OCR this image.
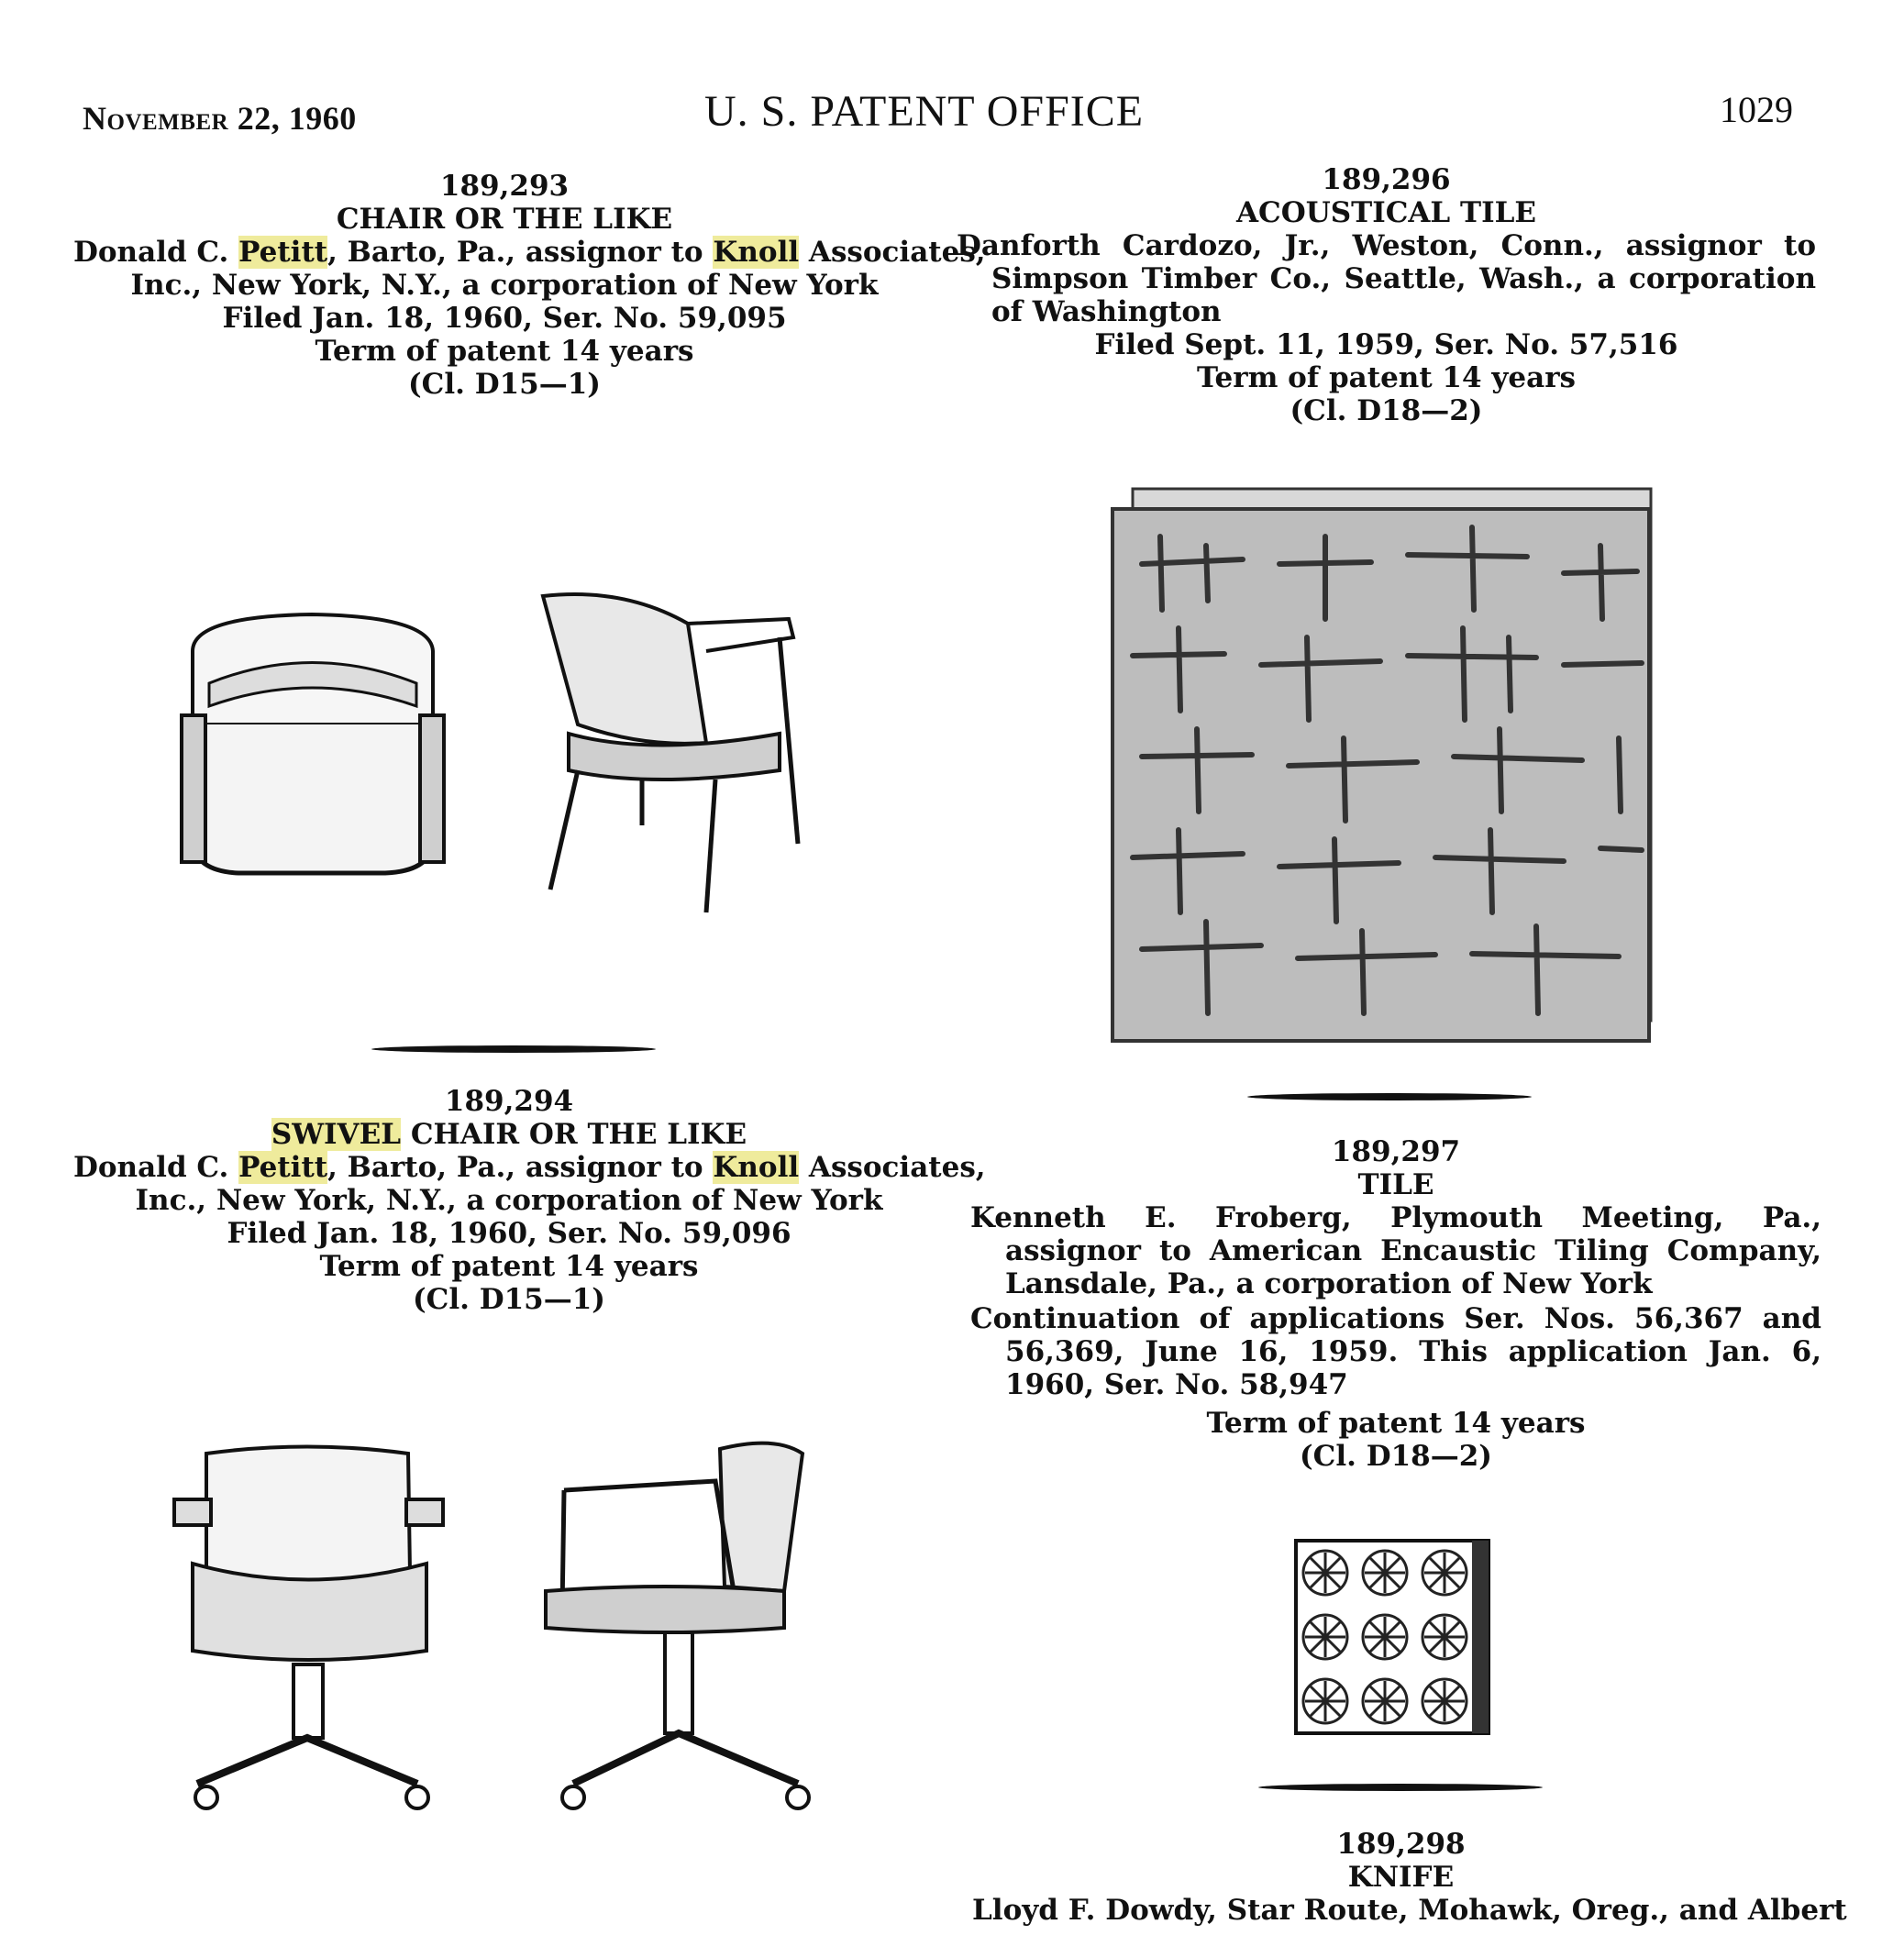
November 22, 1960	U. S. PATENT OFFICE	1029
189,293
CHAIR OR THE LIKE
Donald C. Petitt, Barto, Pa., assignor to Knoll Associates,
Inc., New York, N.Y., a corporation of New York
Filed Jan. 18, 1960, Ser. No. 59,095
Term of patent 14 years
(Cl. D15—1)
189,294
SWIVEL CHAIR OR THE LIKE
Donald C. Petitt, Barto, Pa., assignor to Knoll Associates,
Inc., New York, N.Y., a corporation of New York
Filed Jan. 18, 1960, Ser. No. 59,096
Term of patent 14 years
(Cl. D15—1)
189,296
ACOUSTICAL TILE
Danforth Cardozo, Jr., Weston, Conn., assignor to Simpson Timber Co., Seattle, Wash., a corporation of Washington
Filed Sept. 11, 1959, Ser. No. 57,516
Term of patent 14 years
(Cl. D18—2)
189,297
TILE
Kenneth E. Froberg, Plymouth Meeting, Pa., assignor to American Encaustic Tiling Company, Lansdale, Pa., a corporation of New York
Continuation of applications Ser. Nos. 56,367 and 56,369, June 16, 1959. This application Jan. 6, 1960, Ser. No. 58,947
Term of patent 14 years
(Cl. D18—2)
189,298
KNIFE
Lloyd F. Dowdy, Star Route, Mohawk, Oreg., and Albert
